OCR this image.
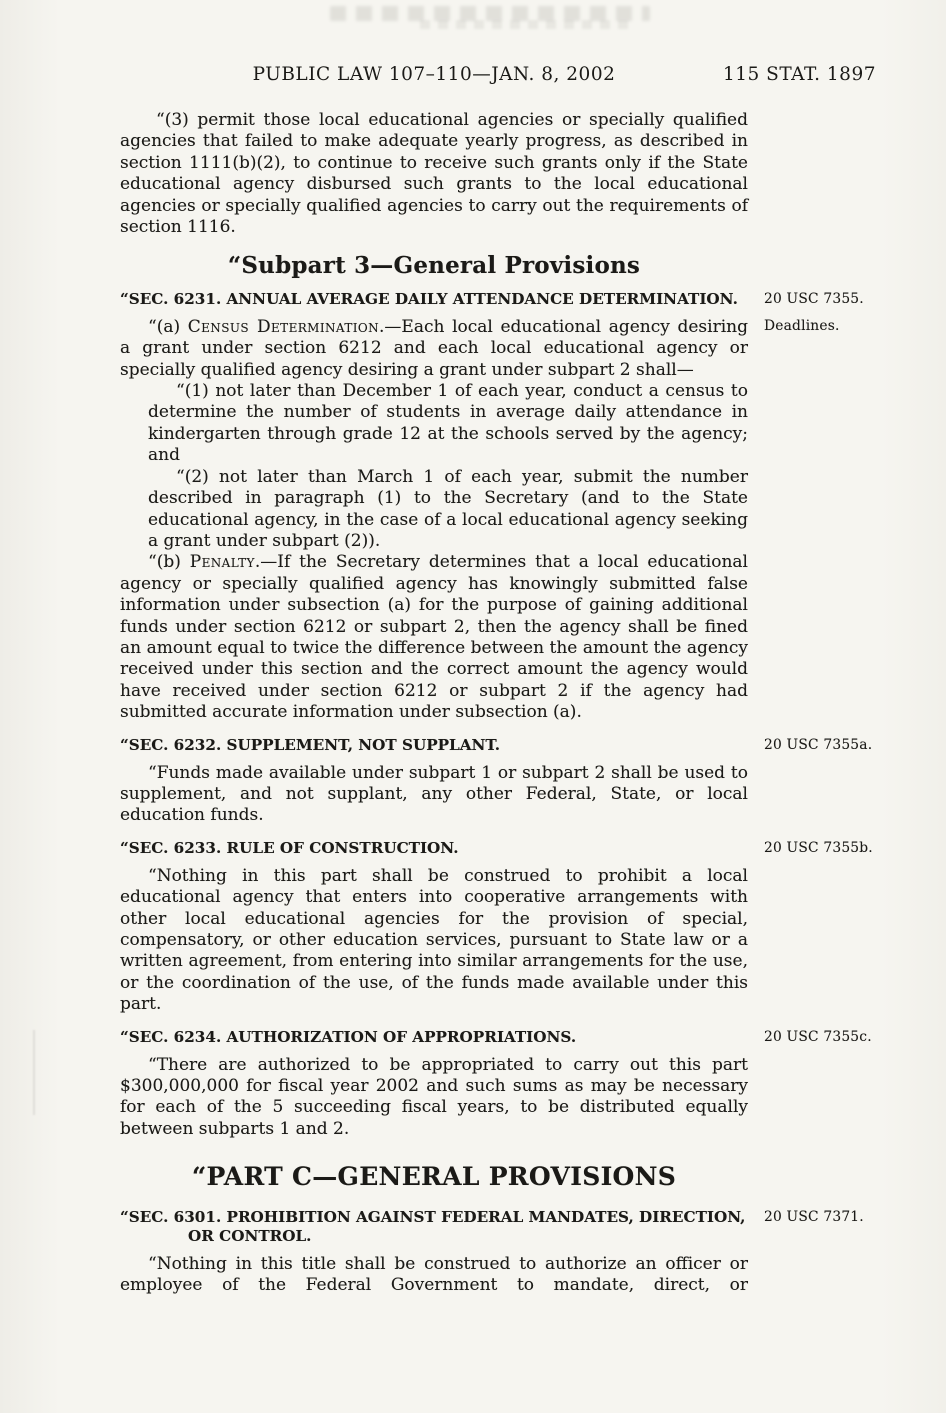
PUBLIC LAW 107–110—JAN. 8, 2002	115 STAT. 1897

“(3) permit those local educational agencies or specially qualified agencies that failed to make adequate yearly progress, as described in section 1111(b)(2), to continue to receive such grants only if the State educational agency disbursed such grants to the local educational agencies or specially qualified agencies to carry out the requirements of section 1116.

“Subpart 3—General Provisions
“SEC. 6231. ANNUAL AVERAGE DAILY ATTENDANCE DETERMINATION. 20 USC 7355.

“(a) Census Determination.—Each local educational agency desiring a grant under section 6212 and each local educational agency or specially qualified agency desiring a grant under subpart 2 shall—

Deadlines.

“(1) not later than December 1 of each year, conduct a census to determine the number of students in average daily attendance in kindergarten through grade 12 at the schools served by the agency; and

“(2) not later than March 1 of each year, submit the number described in paragraph (1) to the Secretary (and to the State educational agency, in the case of a local educational agency seeking a grant under subpart (2)).

“(b) Penalty.—If the Secretary determines that a local educational agency or specially qualified agency has knowingly submitted false information under subsection (a) for the purpose of gaining additional funds under section 6212 or subpart 2, then the agency shall be fined an amount equal to twice the difference between the amount the agency received under this section and the correct amount the agency would have received under section 6212 or subpart 2 if the agency had submitted accurate information under subsection (a).

“SEC. 6232. SUPPLEMENT, NOT SUPPLANT.	20 USC 7355a.

“Funds made available under subpart 1 or subpart 2 shall be used to supplement, and not supplant, any other Federal, State, or local education funds.

“SEC. 6233. RULE OF CONSTRUCTION.	20 USC 7355b.

“Nothing in this part shall be construed to prohibit a local educational agency that enters into cooperative arrangements with other local educational agencies for the provision of special, compensatory, or other education services, pursuant to State law or a written agreement, from entering into similar arrangements for the use, or the coordination of the use, of the funds made available under this part.

“SEC. 6234. AUTHORIZATION OF APPROPRIATIONS.	20 USC 7355c.

“There are authorized to be appropriated to carry out this part $300,000,000 for fiscal year 2002 and such sums as may be necessary for each of the 5 succeeding fiscal years, to be distributed equally between subparts 1 and 2.

“PART C—GENERAL PROVISIONS
“SEC. 6301. PROHIBITION AGAINST FEDERAL MANDATES, DIRECTION,
OR CONTROL.
20 USC 7371.

“Nothing in this title shall be construed to authorize an officer or employee of the Federal Government to mandate, direct, or
